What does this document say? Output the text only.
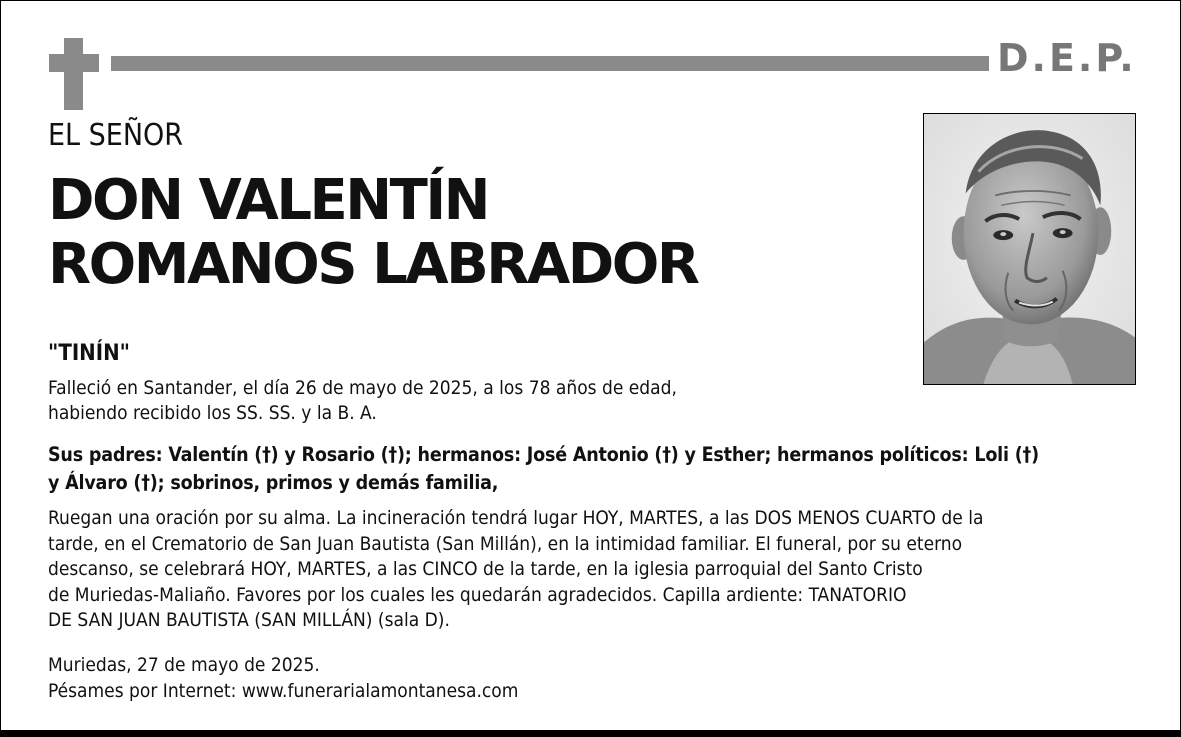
D.E.P.
EL SEÑOR
DON VALENTÍN
ROMANOS LABRADOR
"TINÍN"

Falleció en Santander, el día 26 de mayo de 2025, a los 78 años de edad,
habiendo recibido los SS. SS. y la B. A.

Sus padres: Valentín (†) y Rosario (†); hermanos: José Antonio (†) y Esther; hermanos políticos: Loli (†)
y Álvaro (†); sobrinos, primos y demás familia,

Ruegan una oración por su alma. La incineración tendrá lugar HOY, MARTES, a las DOS MENOS CUARTO de la
tarde, en el Crematorio de San Juan Bautista (San Millán), en la intimidad familiar. El funeral, por su eterno
descanso, se celebrará HOY, MARTES, a las CINCO de la tarde, en la iglesia parroquial del Santo Cristo
de Muriedas-Maliaño. Favores por los cuales les quedarán agradecidos. Capilla ardiente: TANATORIO
DE SAN JUAN BAUTISTA (SAN MILLÁN) (sala D).

Muriedas, 27 de mayo de 2025.

Pésames por Internet: www.funerarialamontanesa.com
